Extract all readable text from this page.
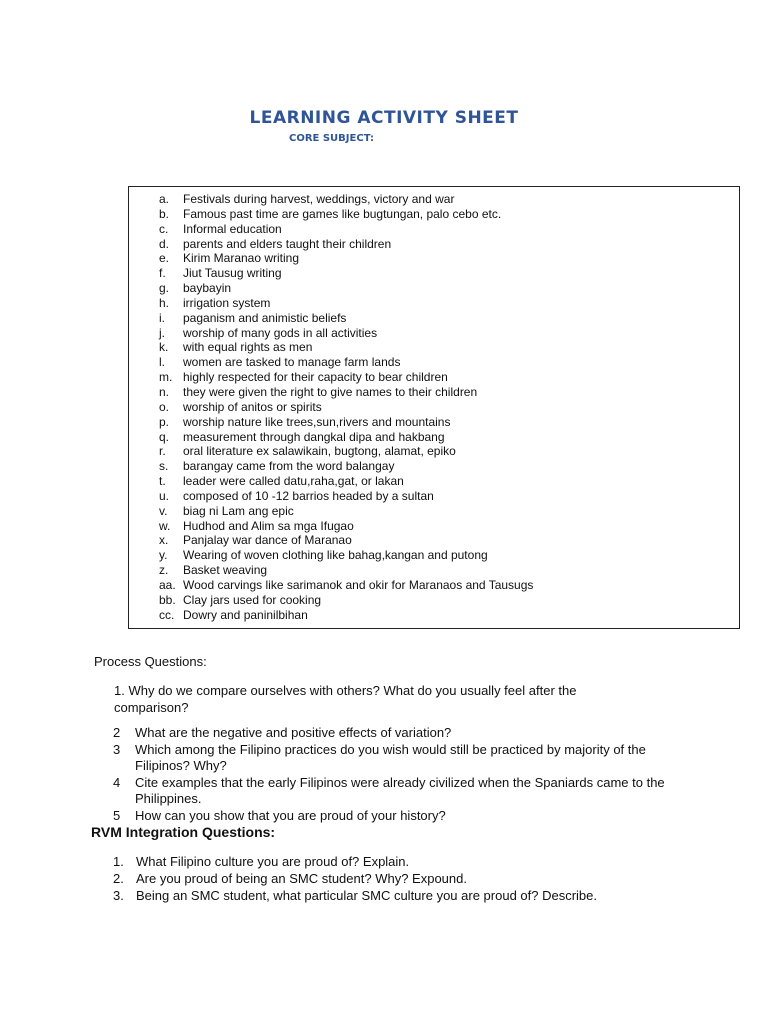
LEARNING ACTIVITY SHEET
CORE SUBJECT:
a. Festivals during harvest, weddings, victory and war
b. Famous past time are games like bugtungan, palo cebo etc.
c. Informal education
d. parents and elders taught their children
e. Kirim Maranao writing
f. Jiut Tausug writing
g. baybayin
h. irrigation system
i. paganism and animistic beliefs
j. worship of many gods in all activities
k. with equal rights as men
l. women are tasked to manage farm lands
m. highly respected for their capacity to bear children
n. they were given the right to give names to their children
o. worship of anitos or spirits
p. worship nature like trees,sun,rivers and mountains
q. measurement through dangkal dipa and hakbang
r. oral literature ex salawikain, bugtong, alamat, epiko
s. barangay came from the word balangay
t. leader were called datu,raha,gat, or lakan
u. composed of 10 -12 barrios headed by a sultan
v. biag ni Lam ang epic
w. Hudhod and Alim sa mga Ifugao
x. Panjalay war dance of Maranao
y. Wearing of woven clothing like bahag,kangan and putong
z. Basket weaving
aa. Wood carvings like sarimanok and okir for Maranaos and Tausugs
bb. Clay jars used for cooking
cc. Dowry and paninilbihan
Process Questions:
1. Why do we compare ourselves with others? What do you usually feel after the comparison?
2 What are the negative and positive effects of variation?
3 Which among the Filipino practices do you wish would still be practiced by majority of the Filipinos? Why?
4 Cite examples that the early Filipinos were already civilized when the Spaniards came to the Philippines.
5 How can you show that you are proud of your history?
RVM Integration Questions:
1. What Filipino culture you are proud of? Explain.
2. Are you proud of being an SMC student? Why? Expound.
3. Being an SMC student, what particular SMC culture you are proud of? Describe.
